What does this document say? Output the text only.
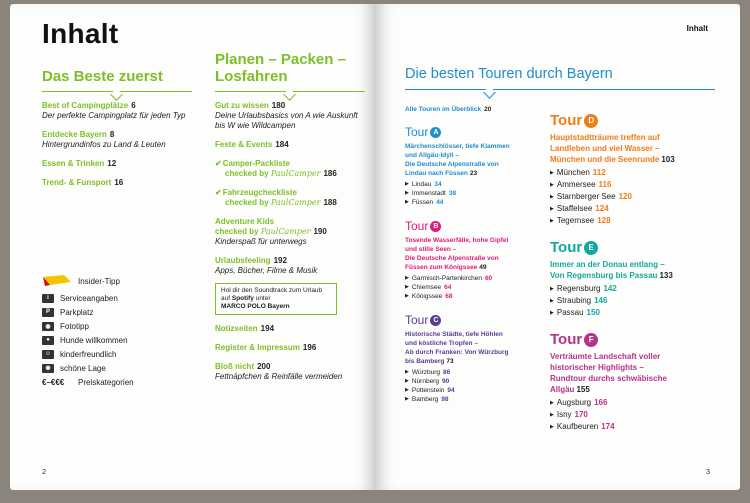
Inhalt
Das Beste zuerst
Best of Campingplätze 6
Der perfekte Campingplatz für jeden Typ
Entdecke Bayern 8
Hintergrundinfos zu Land & Leuten
Essen & Trinken 12
Trend- & Funsport 16
Planen – Packen –
Losfahren
Gut zu wissen 180
Deine Urlaubsbasics von A wie Auskunft bis W wie Wildcampen
Feste & Events 184
✔Camper-Packliste
checked by PaulCamper 186
✔Fahrzeugcheckliste
checked by PaulCamper 188
Adventure Kids
checked by PaulCamper 190
Kinderspaß für unterwegs
Urlaubsfeeling 192
Apps, Bücher, Filme & Musik
Hol dir den Soundtrack zum Urlaub
auf Spotify unter
MARCO POLO Bayern
Notizseiten 194
Register & Impressum 196
Bloß nicht 200
Fettnäpfchen & Reinfälle vermeiden
Insider-Tipp
i	Serviceangaben
P	Parkplatz
◉	Fototipp
●	Hunde willkommen
☺	kinderfreundlich
✺	schöne Lage
€–€€€	Preiskategorien
2
Inhalt
Die besten Touren durch Bayern
Alle Touren im Überblick 20
Tour A
Märchenschlösser, tiefe Klammen
und Allgäu-Idyll –
Die Deutsche Alpenstraße von
Lindau nach Füssen 23
▶ Lindau 34
▶ Immenstadt 38
▶ Füssen 44
Tour B
Tosende Wasserfälle, hohe Gipfel
und stille Seen –
Die Deutsche Alpenstraße von
Füssen zum Königssee 49
▶ Garmisch-Partenkirchen 60
▶ Chiemsee 64
▶ Königssee 68
Tour C
Historische Städte, tiefe Höhlen
und köstliche Tropfen –
Ab durch Franken: Von Würzburg
bis Bamberg 73
▶ Würzburg 86
▶ Nürnberg 90
▶ Pottenstein 94
▶ Bamberg 98
Tour D
Hauptstadtträume treffen auf
Landleben und viel Wasser –
München und die Seenrunde 103
▶ München 112
▶ Ammersee 116
▶ Starnberger See 120
▶ Staffelsee 124
▶ Tegernsee 128
Tour E
Immer an der Donau entlang –
Von Regensburg bis Passau 133
▶ Regensburg 142
▶ Straubing 146
▶ Passau 150
Tour F
Verträumte Landschaft voller
historischer Highlights –
Rundtour durchs schwäbische
Allgäu 155
▶ Augsburg 166
▶ Isny 170
▶ Kaufbeuren 174
3
